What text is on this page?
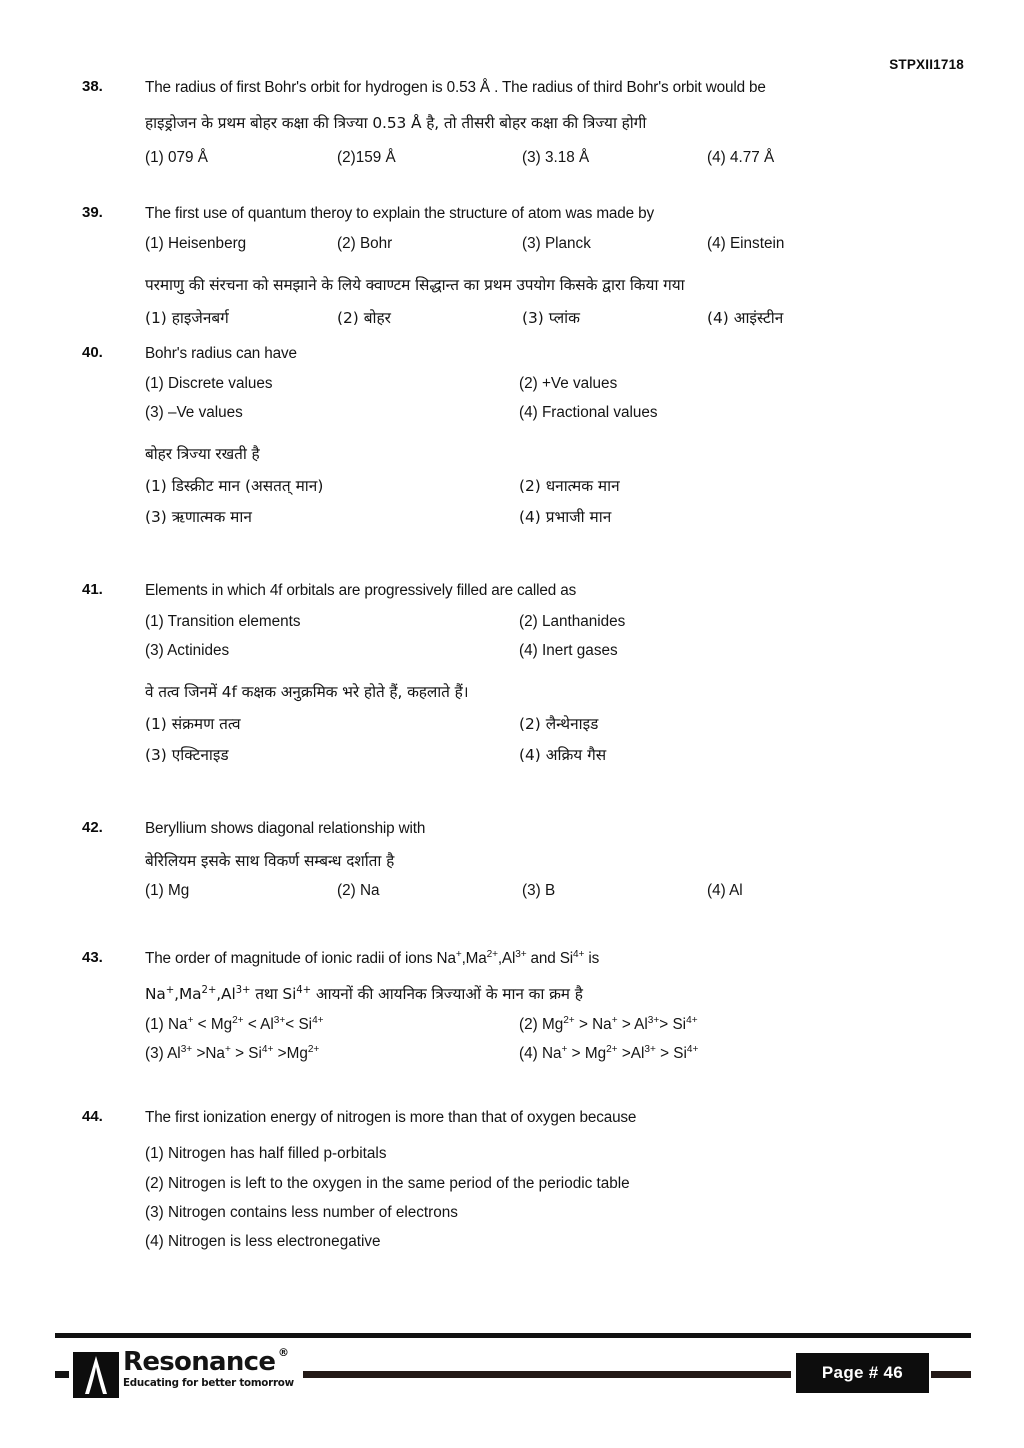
STPXII1718
38.	The radius of first Bohr's orbit for hydrogen is 0.53 Å . The radius of third Bohr's orbit would be
हाइड्रोजन के प्रथम बोहर कक्षा की त्रिज्या 0.53 Å है, तो तीसरी बोहर कक्षा की त्रिज्या होगी
(1) 079 Å	(2)159 Å	(3) 3.18 Å	(4) 4.77 Å
39.	The first use of quantum theroy to explain the structure of atom was made by
(1) Heisenberg	(2) Bohr	(3) Planck	(4) Einstein
परमाणु की संरचना को समझाने के लिये क्वाण्टम सिद्धान्त का प्रथम उपयोग किसके द्वारा किया गया
(1) हाइजेनबर्ग	(2) बोहर	(3) प्लांक	(4) आइंस्टीन
40.	Bohr's radius can have
(1) Discrete values	(2) +Ve values
(3) –Ve values	(4) Fractional values
बोहर त्रिज्या रखती है
(1) डिस्क्रीट मान (असतत् मान)	(2) धनात्मक मान
(3) ऋणात्मक मान	(4) प्रभाजी मान
41.	Elements in which 4f orbitals are progressively filled are called as
(1) Transition elements	(2) Lanthanides
(3) Actinides	(4) Inert gases
वे तत्व जिनमें 4f कक्षक अनुक्रमिक भरे होते हैं, कहलाते हैं।
(1) संक्रमण तत्व	(2) लैन्थेनाइड
(3) एक्टिनाइड	(4) अक्रिय गैस
42.	Beryllium shows diagonal relationship with
बेरिलियम इसके साथ विकर्ण सम्बन्ध दर्शाता है
(1) Mg	(2) Na	(3) B	(4) Al
43.	The order of magnitude of ionic radii of ions $Na^+,Ma^{2+},Al^{3+}$ and $Si^{4+}$ is
$Na^+,Ma^{2+},Al^{3+}$ तथा $Si^{4+}$ आयनों की आयनिक त्रिज्याओं के मान का क्रम है
(1) $Na^+ < Mg^{2+} < Al^{3+}< Si^{4+}$	(2) $Mg^{2+} > Na^+ > Al^{3+}> Si^{4+}$
(3) $Al^{3+} >Na^+ > Si^{4+} >Mg^{2+}$	(4) $Na^+ > Mg^{2+} >Al^{3+} > Si^{4+}$
44.	The first ionization energy of nitrogen is more than that of oxygen because
(1) Nitrogen has half filled p-orbitals
(2) Nitrogen is left to the oxygen in the same period of the periodic table
(3) Nitrogen contains less number of electrons
(4) Nitrogen is less electronegative
Resonance ®
Educating for better tomorrow
Page # 46
